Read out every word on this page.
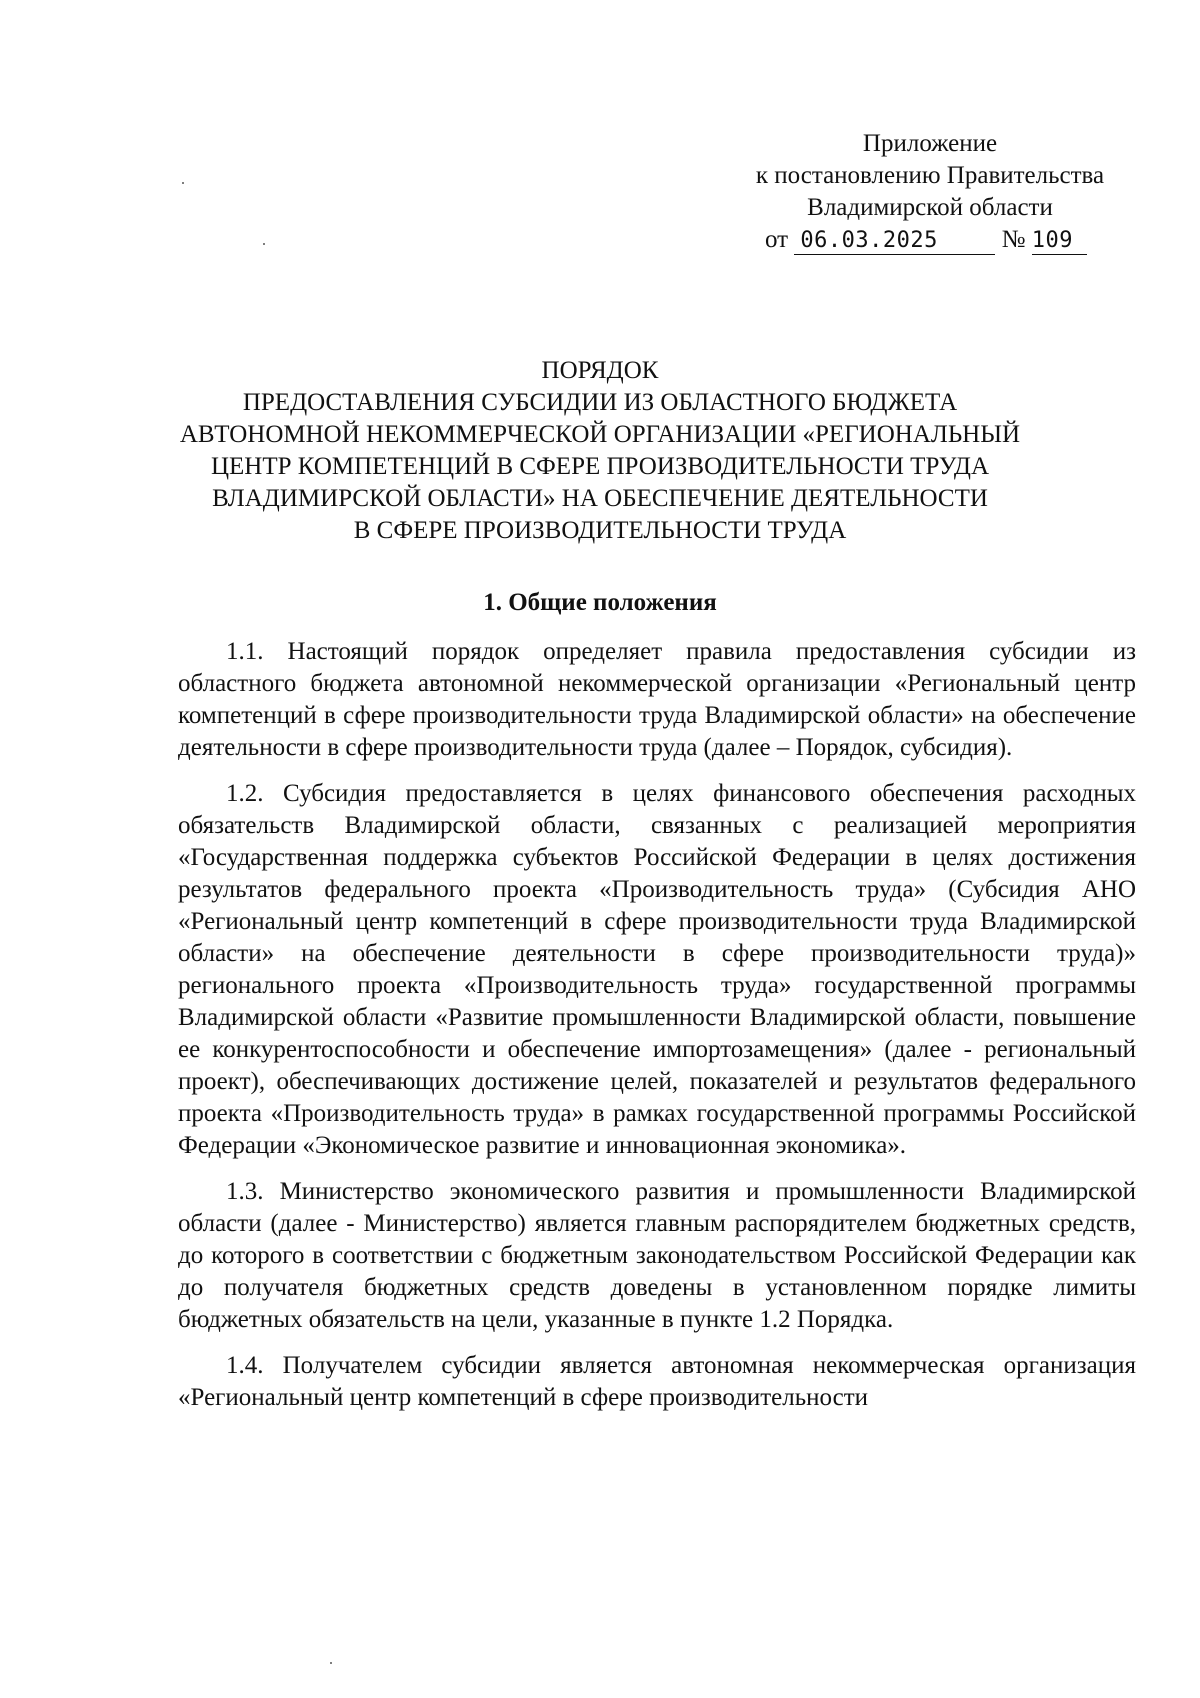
Приложение
к постановлению Правительства
Владимирской области
от 06.03.2025	№ 109
ПОРЯДОК
ПРЕДОСТАВЛЕНИЯ СУБСИДИИ ИЗ ОБЛАСТНОГО БЮДЖЕТА
АВТОНОМНОЙ НЕКОММЕРЧЕСКОЙ ОРГАНИЗАЦИИ «РЕГИОНАЛЬНЫЙ
ЦЕНТР КОМПЕТЕНЦИЙ В СФЕРЕ ПРОИЗВОДИТЕЛЬНОСТИ ТРУДА
ВЛАДИМИРСКОЙ ОБЛАСТИ» НА ОБЕСПЕЧЕНИЕ ДЕЯТЕЛЬНОСТИ
В СФЕРЕ ПРОИЗВОДИТЕЛЬНОСТИ ТРУДА
1. Общие положения

1.1. Настоящий порядок определяет правила предоставления субсидии из областного бюджета автономной некоммерческой организации «Региональный центр компетенций в сфере производительности труда Владимирской области» на обеспечение деятельности в сфере производительности труда (далее – Порядок, субсидия).

1.2. Субсидия предоставляется в целях финансового обеспечения расходных обязательств Владимирской области, связанных с реализацией мероприятия «Государственная поддержка субъектов Российской Федерации в целях достижения результатов федерального проекта «Производительность труда» (Субсидия АНО «Региональный центр компетенций в сфере производительности труда Владимирской области» на обеспечение деятельности в сфере производительности труда)» регионального проекта «Производительность труда» государственной программы Владимирской области «Развитие промышленности Владимирской области, повышение ее конкурентоспособности и обеспечение импортозамещения» (далее - региональный проект), обеспечивающих достижение целей, показателей и результатов федерального проекта «Производительность труда» в рамках государственной программы Российской Федерации «Экономическое развитие и инновационная экономика».

1.3. Министерство экономического развития и промышленности Владимирской области (далее - Министерство) является главным распорядителем бюджетных средств, до которого в соответствии с бюджетным законодательством Российской Федерации как до получателя бюджетных средств доведены в установленном порядке лимиты бюджетных обязательств на цели, указанные в пункте 1.2 Порядка.

1.4. Получателем субсидии является автономная некоммерческая организация «Региональный центр компетенций в сфере производительности
